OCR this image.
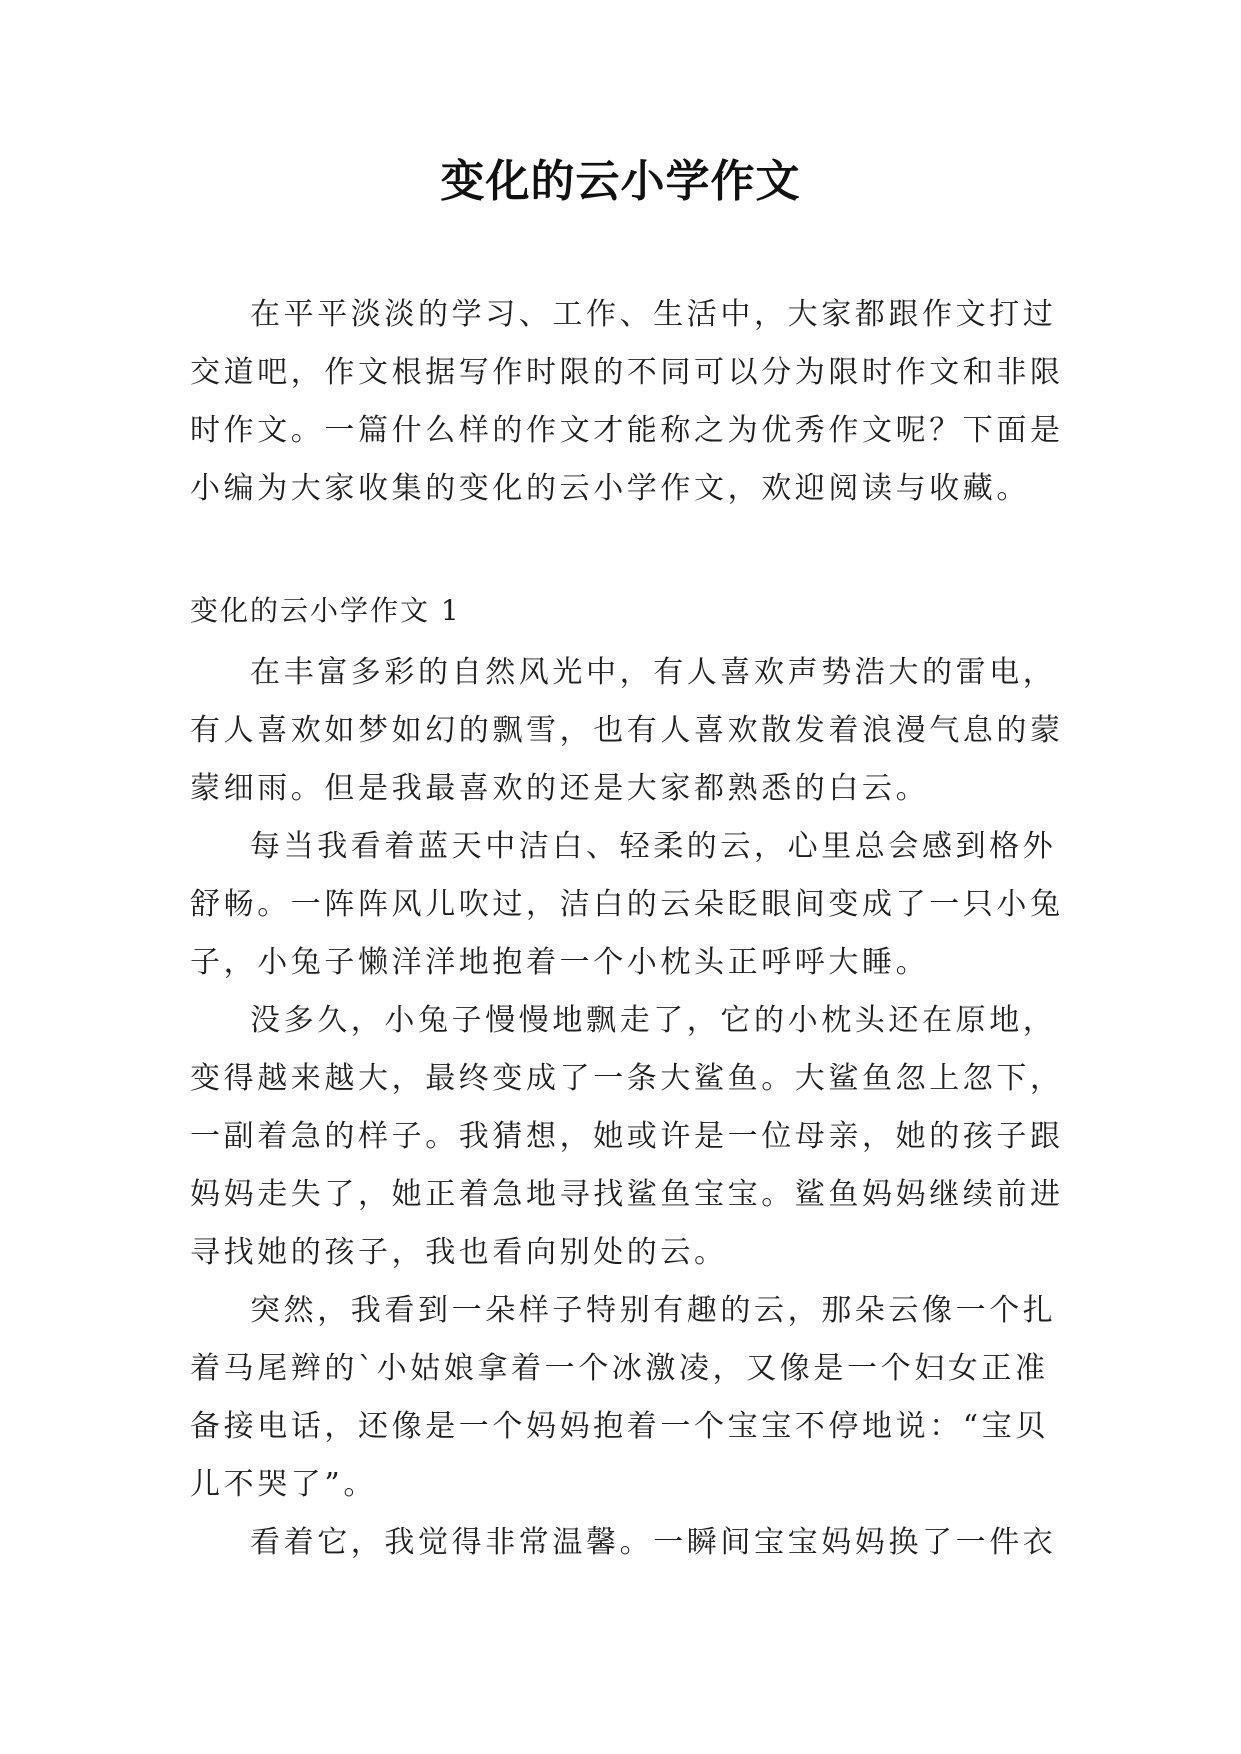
变化的云小学作文

在平平淡淡的学习、工作、生活中，大家都跟作文打过交道吧，作文根据写作时限的不同可以分为限时作文和非限时作文。一篇什么样的作文才能称之为优秀作文呢？下面是小编为大家收集的变化的云小学作文，欢迎阅读与收藏。

变化的云小学作文 1

在丰富多彩的自然风光中，有人喜欢声势浩大的雷电，有人喜欢如梦如幻的飘雪，也有人喜欢散发着浪漫气息的蒙蒙细雨。但是我最喜欢的还是大家都熟悉的白云。

每当我看着蓝天中洁白、轻柔的云，心里总会感到格外舒畅。一阵阵风儿吹过，洁白的云朵眨眼间变成了一只小兔子，小兔子懒洋洋地抱着一个小枕头正呼呼大睡。

没多久，小兔子慢慢地飘走了，它的小枕头还在原地，变得越来越大，最终变成了一条大鲨鱼。大鲨鱼忽上忽下，一副着急的样子。我猜想，她或许是一位母亲，她的孩子跟妈妈走失了，她正着急地寻找鲨鱼宝宝。鲨鱼妈妈继续前进寻找她的孩子，我也看向别处的云。

突然，我看到一朵样子特别有趣的云，那朵云像一个扎着马尾辫的`小姑娘拿着一个冰激凌，又像是一个妇女正准备接电话，还像是一个妈妈抱着一个宝宝不停地说：“宝贝儿不哭了”。

看着它，我觉得非常温馨。一瞬间宝宝妈妈换了一件衣
